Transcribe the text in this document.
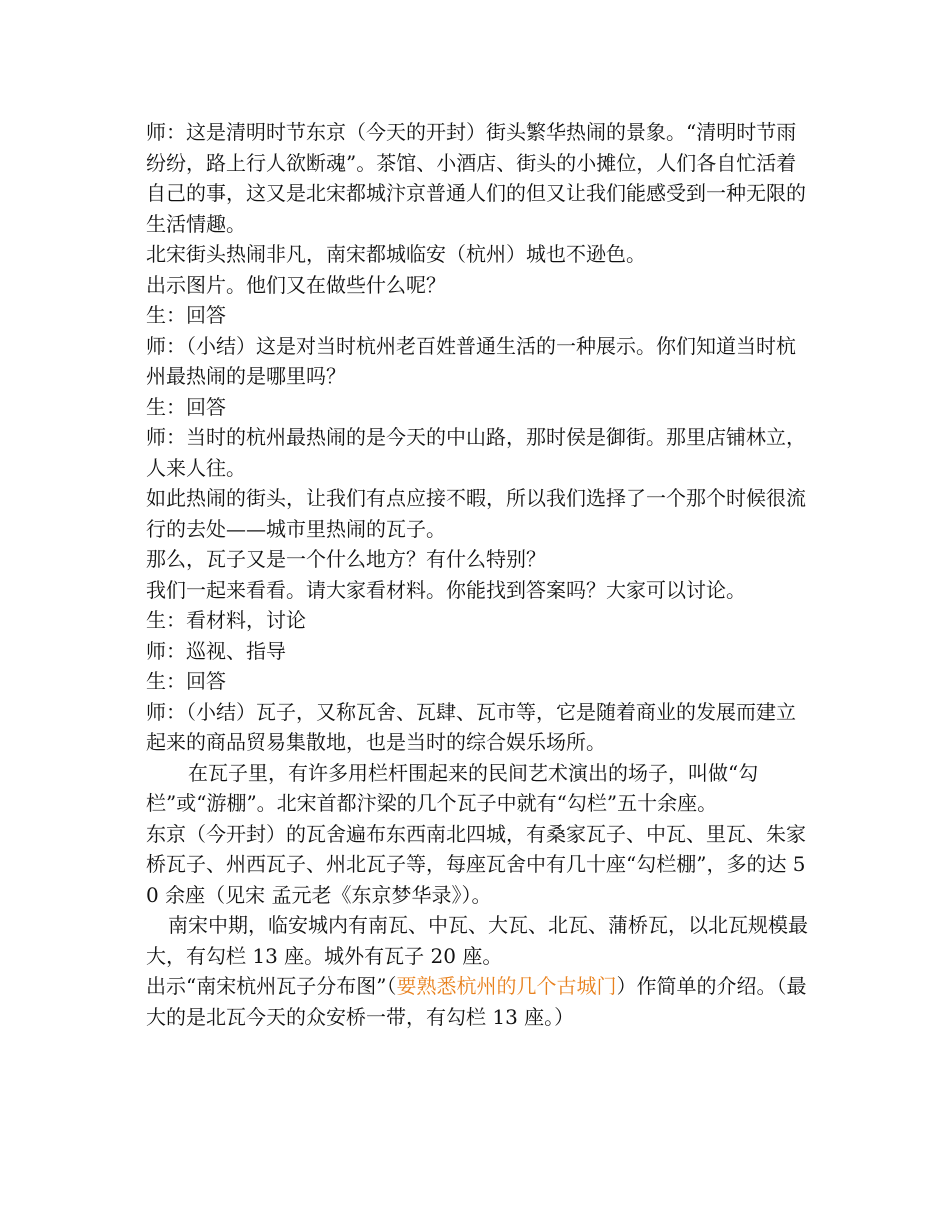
师：这是清明时节东京（今天的开封）街头繁华热闹的景象。“清明时节雨纷纷，路上行人欲断魂”。茶馆、小酒店、街头的小摊位，人们各自忙活着自己的事，这又是北宋都城汴京普通人们的但又让我们能感受到一种无限的生活情趣。

北宋街头热闹非凡，南宋都城临安（杭州）城也不逊色。

出示图片。他们又在做些什么呢？

生：回答

师：（小结）这是对当时杭州老百姓普通生活的一种展示。你们知道当时杭州最热闹的是哪里吗？

生：回答

师：当时的杭州最热闹的是今天的中山路，那时侯是御街。那里店铺林立，人来人往。

如此热闹的街头，让我们有点应接不暇，所以我们选择了一个那个时候很流行的去处——城市里热闹的瓦子。

那么，瓦子又是一个什么地方？有什么特别？

我们一起来看看。请大家看材料。你能找到答案吗？大家可以讨论。

生：看材料，讨论

师：巡视、指导

生：回答

师：（小结）瓦子，又称瓦舍、瓦肆、瓦市等，它是随着商业的发展而建立起来的商品贸易集散地，也是当时的综合娱乐场所。

在瓦子里，有许多用栏杆围起来的民间艺术演出的场子，叫做“勾栏”或“游棚”。北宋首都汴梁的几个瓦子中就有“勾栏”五十余座。

东京（今开封）的瓦舍遍布东西南北四城，有桑家瓦子、中瓦、里瓦、朱家桥瓦子、州西瓦子、州北瓦子等，每座瓦舍中有几十座“勾栏棚”，多的达 50 余座（见宋 孟元老《东京梦华录》）。

南宋中期，临安城内有南瓦、中瓦、大瓦、北瓦、蒲桥瓦，以北瓦规模最大，有勾栏 13 座。城外有瓦子 20 座。

出示“南宋杭州瓦子分布图”（要熟悉杭州的几个古城门）作简单的介绍。（最大的是北瓦今天的众安桥一带，有勾栏 13 座。）
